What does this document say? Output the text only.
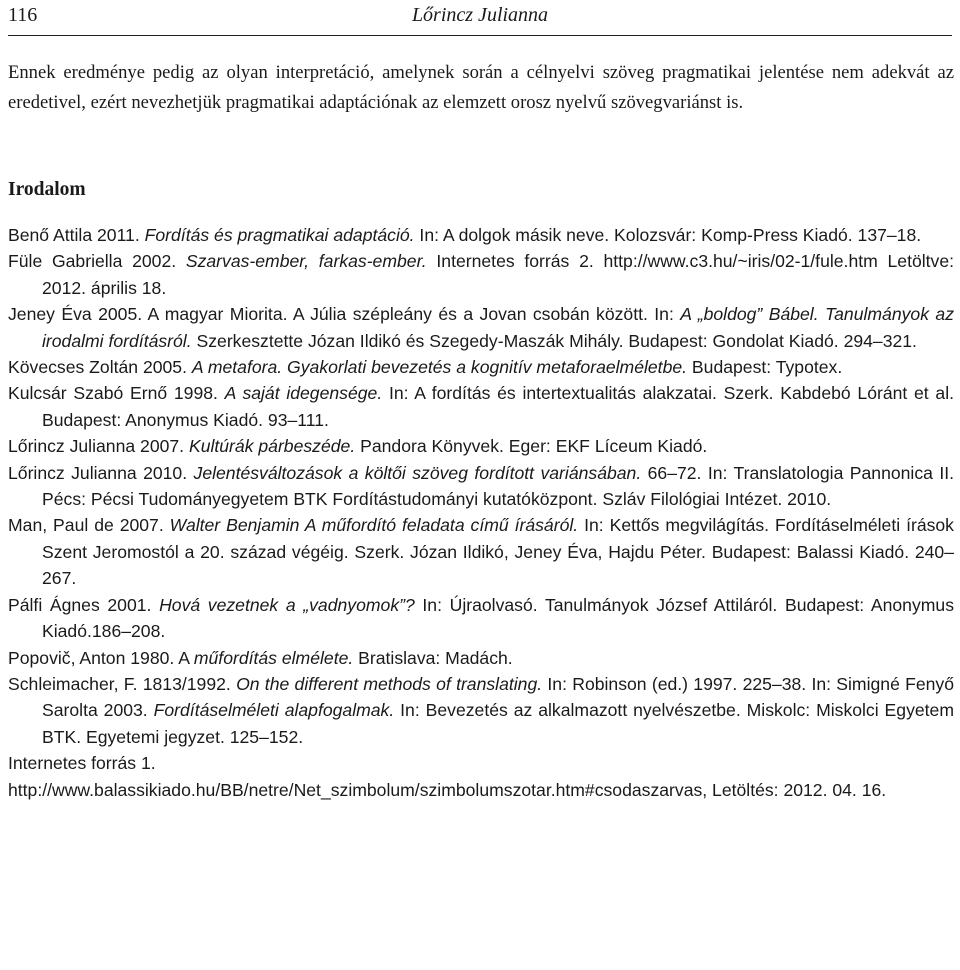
116	Lőrincz Julianna

Ennek eredménye pedig az olyan interpretáció, amelynek során a célnyelvi szöveg pragmatikai jelentése nem adekvát az eredetivel, ezért nevezhetjük pragmatikai adaptációnak az elemzett orosz nyelvű szövegvariánst is.

Irodalom

Benő Attila 2011. Fordítás és pragmatikai adaptáció. In: A dolgok másik neve. Kolozsvár: Komp-Press Kiadó. 137–18.

Füle Gabriella 2002. Szarvas-ember, farkas-ember. Internetes forrás 2. http://www.c3.hu/~iris/02-1/fule.htm Letöltve: 2012. április 18.

Jeney Éva 2005. A magyar Miorita. A Júlia szépleány és a Jovan csobán között. In: A „boldog” Bábel. Tanulmányok az irodalmi fordításról. Szerkesztette Józan Ildikó és Szegedy-Maszák Mihály. Budapest: Gondolat Kiadó. 294–321.

Kövecses Zoltán 2005. A metafora. Gyakorlati bevezetés a kognitív metaforaelméletbe. Budapest: Typotex.

Kulcsár Szabó Ernő 1998. A saját idegensége. In: A fordítás és intertextualitás alakzatai. Szerk. Kabdebó Lóránt et al. Budapest: Anonymus Kiadó. 93–111.

Lőrincz Julianna 2007. Kultúrák párbeszéde. Pandora Könyvek. Eger: EKF Líceum Kiadó.

Lőrincz Julianna 2010. Jelentésváltozások a költői szöveg fordított variánsában. 66–72. In: Translatologia Pannonica II. Pécs: Pécsi Tudományegyetem BTK Fordítástudományi kutatóközpont. Szláv Filológiai Intézet. 2010.

Man, Paul de 2007. Walter Benjamin A műfordító feladata című írásáról. In: Kettős megvilágítás. Fordításelméleti írások Szent Jeromostól a 20. század végéig. Szerk. Józan Ildikó, Jeney Éva, Hajdu Péter. Budapest: Balassi Kiadó. 240–267.

Pálfi Ágnes 2001. Hová vezetnek a „vadnyomok”? In: Újraolvasó. Tanulmányok József Attiláról. Budapest: Anonymus Kiadó.186–208.

Popovič, Anton 1980. A műfordítás elmélete. Bratislava: Madách.

Schleimacher, F. 1813/1992. On the different methods of translating. In: Robinson (ed.) 1997. 225–38. In: Simigné Fenyő Sarolta 2003. Fordításelméleti alapfogalmak. In: Bevezetés az alkalmazott nyelvészetbe. Miskolc: Miskolci Egyetem BTK. Egyetemi jegyzet. 125–152.

Internetes forrás 1.
http://www.balassikiado.hu/BB/netre/Net_szimbolum/szimbolumszotar.htm#csodaszarvas, Letöltés: 2012. 04. 16.
